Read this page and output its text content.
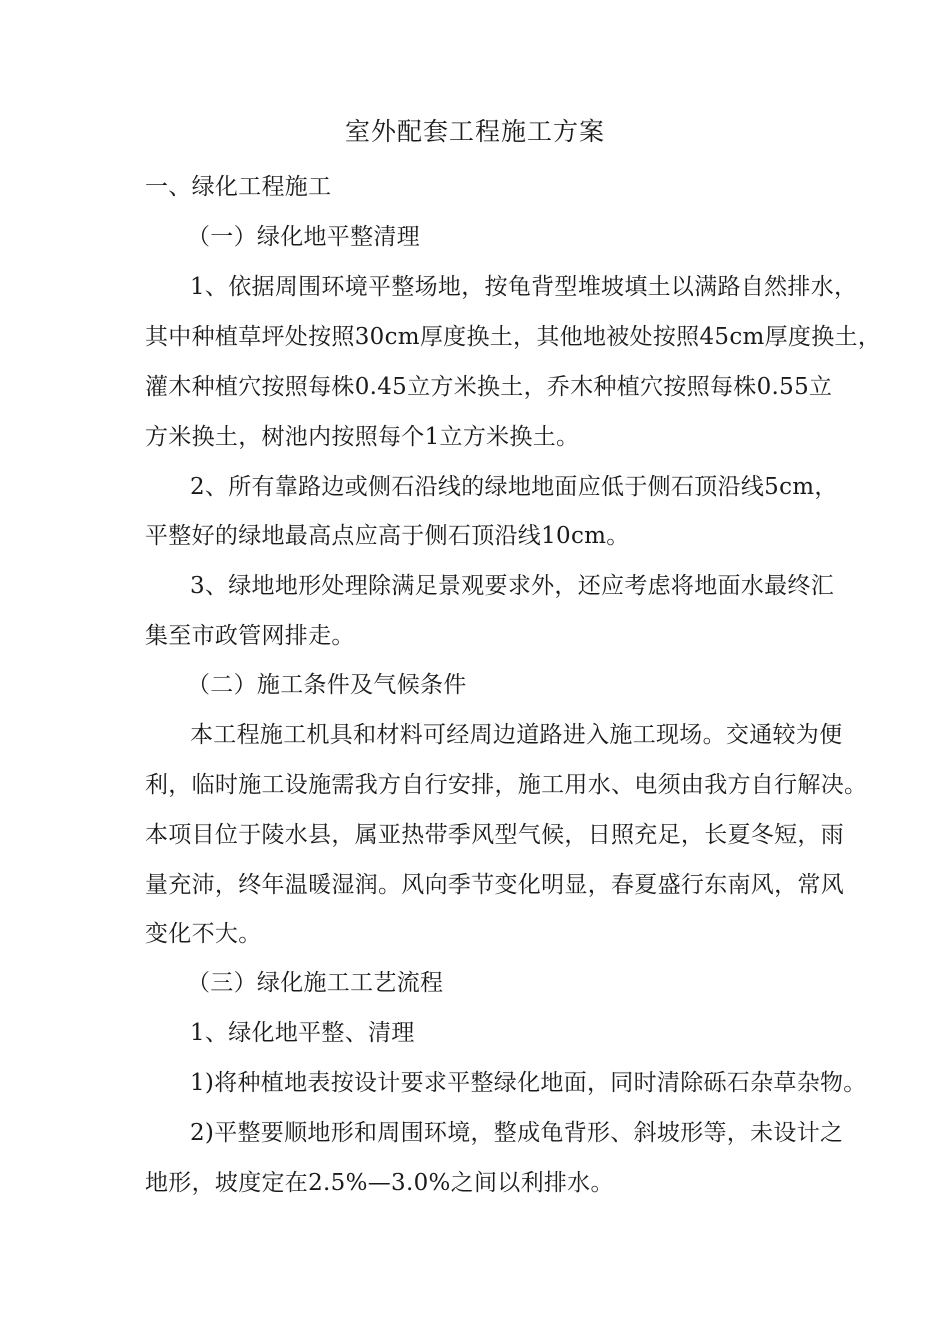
室外配套工程施工方案
一、绿化工程施工
（一）绿化地平整清理
1、依据周围环境平整场地，按龟背型堆坡填土以满路自然排水，
其中种植草坪处按照30cm厚度换土，其他地被处按照45cm厚度换土，
灌木种植穴按照每株0.45立方米换土，乔木种植穴按照每株0.55立
方米换土，树池内按照每个1立方米换土。
2、所有靠路边或侧石沿线的绿地地面应低于侧石顶沿线5cm，
平整好的绿地最高点应高于侧石顶沿线10cm。
3、绿地地形处理除满足景观要求外，还应考虑将地面水最终汇
集至市政管网排走。
（二）施工条件及气候条件
本工程施工机具和材料可经周边道路进入施工现场。交通较为便
利，临时施工设施需我方自行安排，施工用水、电须由我方自行解决。
本项目位于陵水县，属亚热带季风型气候，日照充足，长夏冬短，雨
量充沛，终年温暖湿润。风向季节变化明显，春夏盛行东南风，常风
变化不大。
（三）绿化施工工艺流程
1、绿化地平整、清理
1)将种植地表按设计要求平整绿化地面，同时清除砾石杂草杂物。
2)平整要顺地形和周围环境，整成龟背形、斜坡形等，未设计之
地形，坡度定在2.5%—3.0%之间以利排水。
